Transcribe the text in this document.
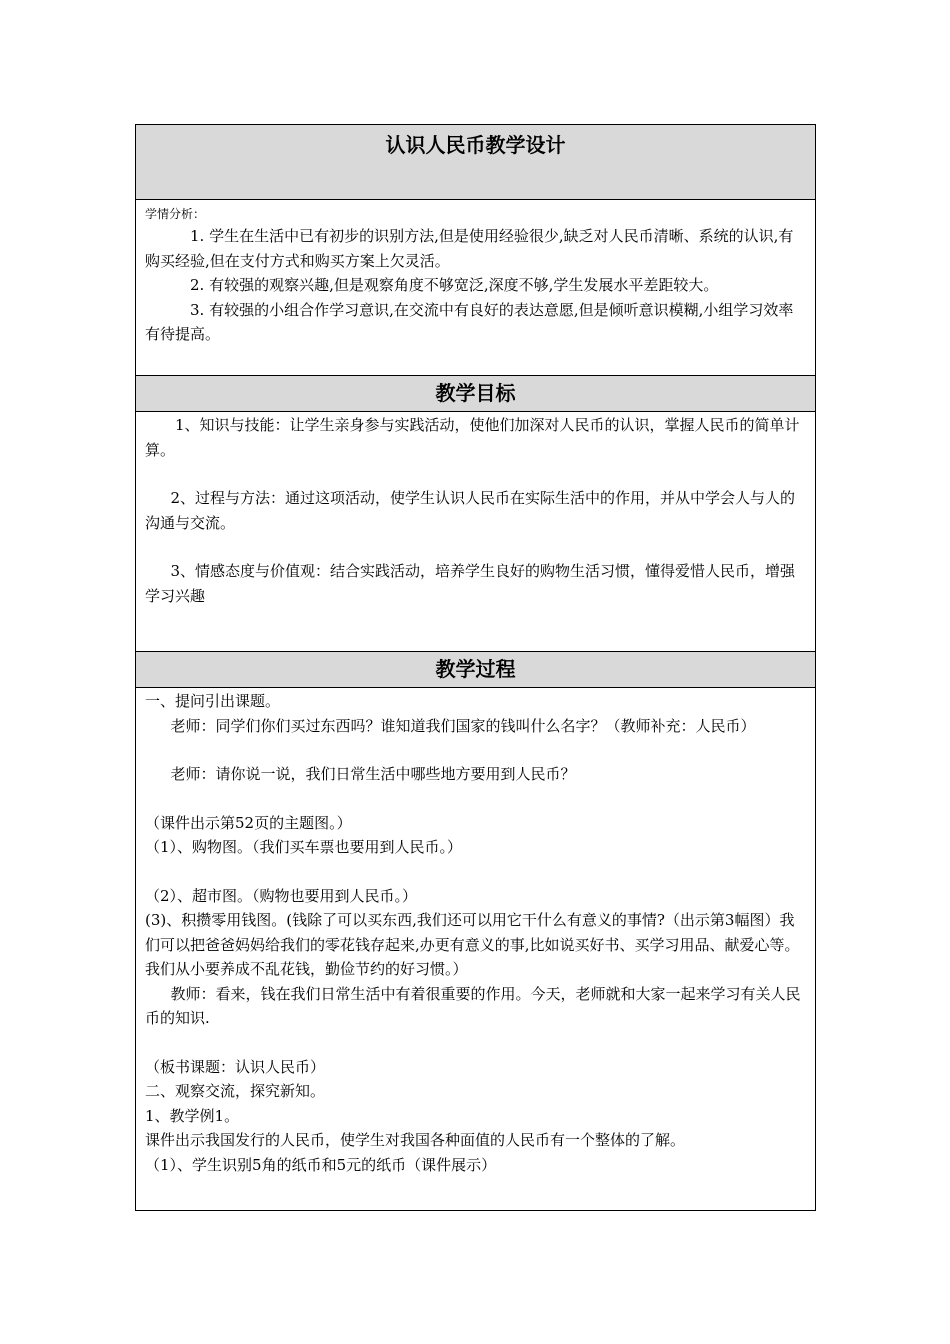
认识人民币教学设计

学情分析：

1. 学生在生活中已有初步的识别方法,但是使用经验很少,缺乏对人民币清晰、系统的认识,有购买经验,但在支付方式和购买方案上欠灵活。

2. 有较强的观察兴趣,但是观察角度不够宽泛,深度不够,学生发展水平差距较大。

3. 有较强的小组合作学习意识,在交流中有良好的表达意愿,但是倾听意识模糊,小组学习效率有待提高。

教学目标

1、知识与技能：让学生亲身参与实践活动，使他们加深对人民币的认识，掌握人民币的简单计算。

2、过程与方法：通过这项活动，使学生认识人民币在实际生活中的作用，并从中学会人与人的沟通与交流。

3、情感态度与价值观：结合实践活动，培养学生良好的购物生活习惯，懂得爱惜人民币，增强学习兴趣

教学过程

一、提问引出课题。

老师：同学们你们买过东西吗？谁知道我们国家的钱叫什么名字？（教师补充：人民币）

老师：请你说一说，我们日常生活中哪些地方要用到人民币？

（课件出示第52页的主题图。）

（1）、购物图。（我们买车票也要用到人民币。）

（2）、超市图。（购物也要用到人民币。）

(3)、积攒零用钱图。(钱除了可以买东西,我们还可以用它干什么有意义的事情?（出示第3幅图）我们可以把爸爸妈妈给我们的零花钱存起来,办更有意义的事,比如说买好书、买学习用品、献爱心等。我们从小要养成不乱花钱，勤俭节约的好习惯。）

教师：看来，钱在我们日常生活中有着很重要的作用。今天，老师就和大家一起来学习有关人民币的知识.

（板书课题：认识人民币）

二、观察交流，探究新知。

1、教学例1。

课件出示我国发行的人民币，使学生对我国各种面值的人民币有一个整体的了解。

（1）、学生识别5角的纸币和5元的纸币（课件展示）
